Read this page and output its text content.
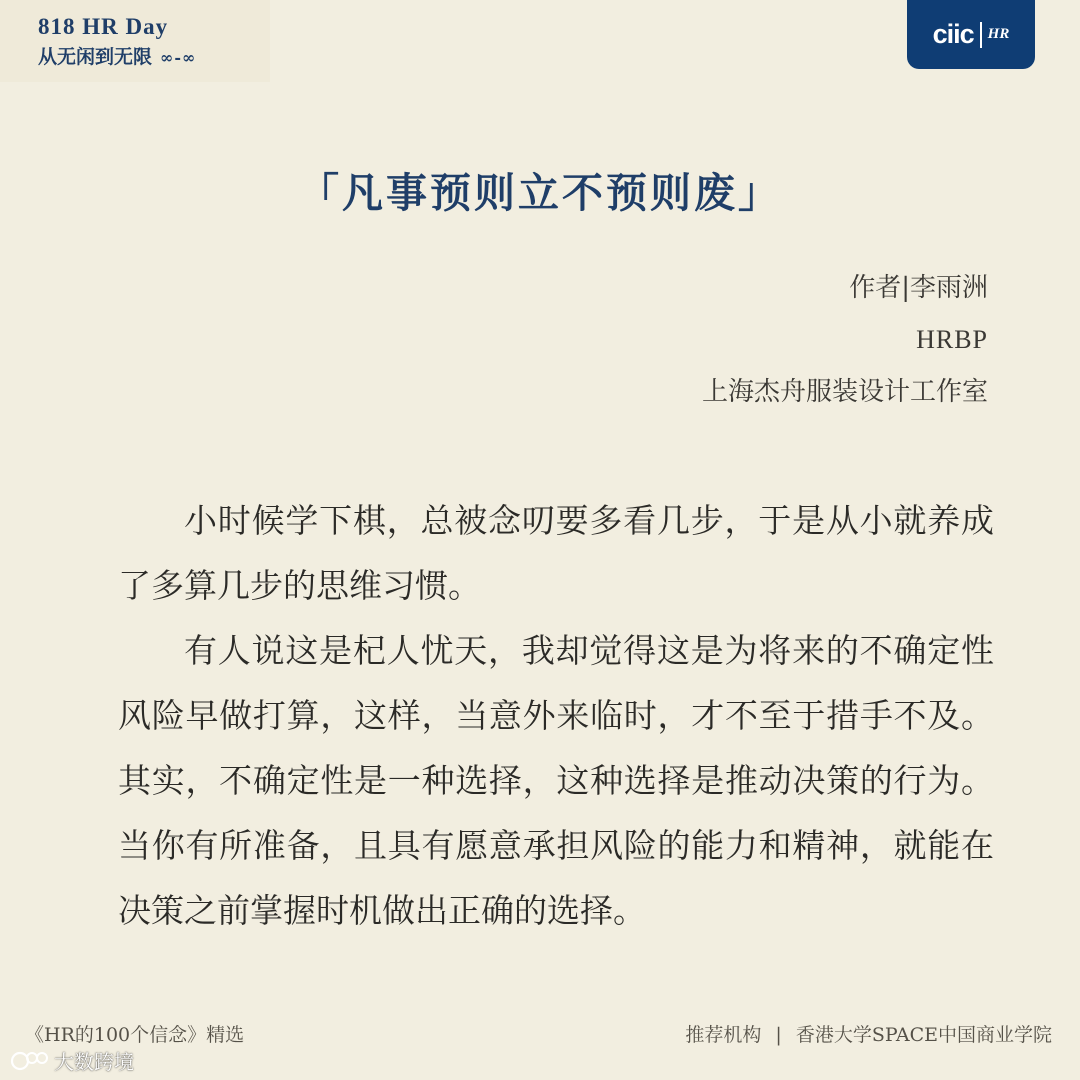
818 HR Day
从无闲到无限 ∞-∞
ciic HR
「凡事预则立不预则废」
作者|李雨洲
HRBP
上海杰舟服装设计工作室

小时候学下棋，总被念叨要多看几步，于是从小就养成了多算几步的思维习惯。

有人说这是杞人忧天，我却觉得这是为将来的不确定性风险早做打算，这样，当意外来临时，才不至于措手不及。其实，不确定性是一种选择，这种选择是推动决策的行为。当你有所准备，且具有愿意承担风险的能力和精神，就能在决策之前掌握时机做出正确的选择。

《HR的100个信念》精选	推荐机构 | 香港大学SPACE中国商业学院
大数跨境
